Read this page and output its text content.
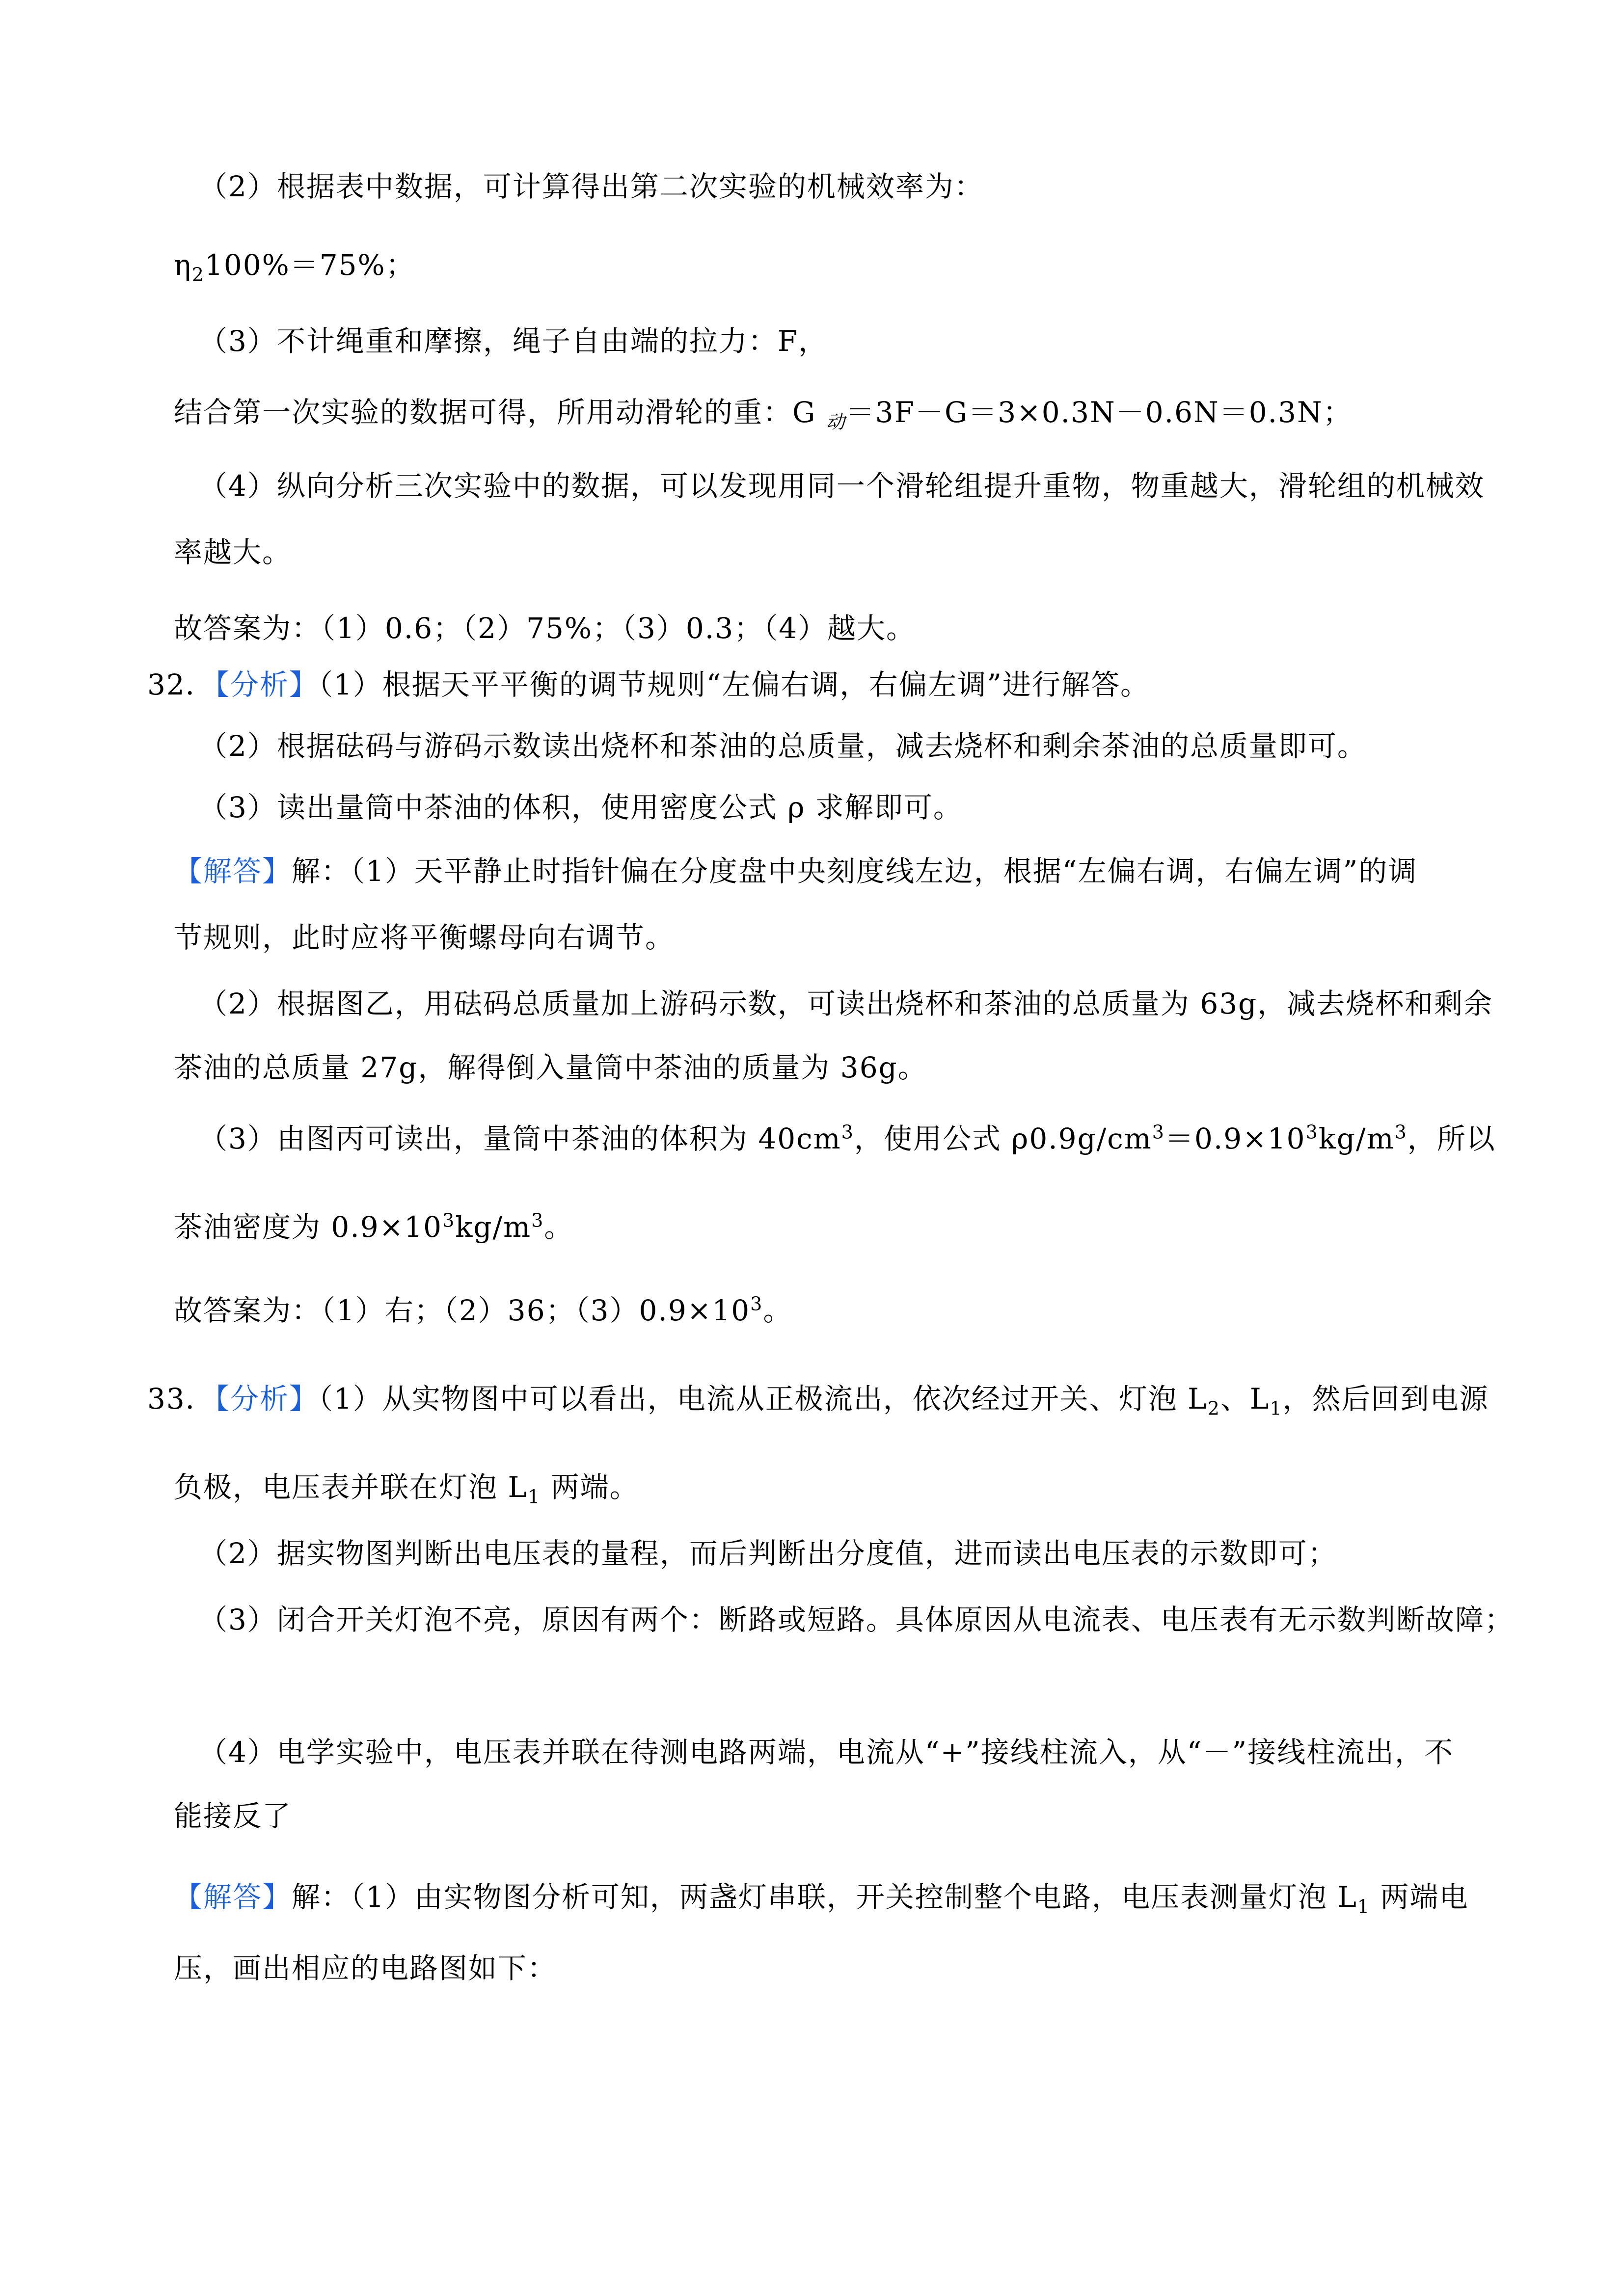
（2）根据表中数据，可计算得出第二次实验的机械效率为：
$\eta_2100\%=75\%$；
（3）不计绳重和摩擦，绳子自由端的拉力：F，
结合第一次实验的数据可得，所用动滑轮的重：G $_动$＝3F－G＝3×0.3N－0.6N＝0.3N；
（4）纵向分析三次实验中的数据，可以发现用同一个滑轮组提升重物，物重越大，滑轮组的机械效
率越大。
故答案为：（1）0.6；（2）75%；（3）0.3；（4）越大。
32．【分析】（1）根据天平平衡的调节规则“左偏右调，右偏左调”进行解答。
（2）根据砝码与游码示数读出烧杯和茶油的总质量，减去烧杯和剩余茶油的总质量即可。
（3）读出量筒中茶油的体积，使用密度公式 ρ 求解即可。
【解答】解：（1）天平静止时指针偏在分度盘中央刻度线左边，根据“左偏右调，右偏左调”的调
节规则，此时应将平衡螺母向右调节。
（2）根据图乙，用砝码总质量加上游码示数，可读出烧杯和茶油的总质量为 63g，减去烧杯和剩余
茶油的总质量 27g，解得倒入量筒中茶油的质量为 36g。
（3）由图丙可读出，量筒中茶油的体积为 $40cm^3$，使用公式 $\rho 0.9g/cm^3=0.9\times 10^3kg/m^3$，所以
茶油密度为 $0.9\times 10^3kg/m^3$。
故答案为：（1）右；（2）36；$(3)0.9\times 10^3$。
33．【分析】（1）从实物图中可以看出，电流从正极流出，依次经过开关、灯泡 $L_2$、$L_1$，然后回到电源
负极，电压表并联在灯泡 $L_1$ 两端。
（2）据实物图判断出电压表的量程，而后判断出分度值，进而读出电压表的示数即可；
（3）闭合开关灯泡不亮，原因有两个：断路或短路。具体原因从电流表、电压表有无示数判断故障；
（4）电学实验中，电压表并联在待测电路两端，电流从“+”接线柱流入，从“－”接线柱流出，不
能接反了
【解答】解：（1）由实物图分析可知，两盏灯串联，开关控制整个电路，电压表测量灯泡 $L_1$ 两端电
压，画出相应的电路图如下：
